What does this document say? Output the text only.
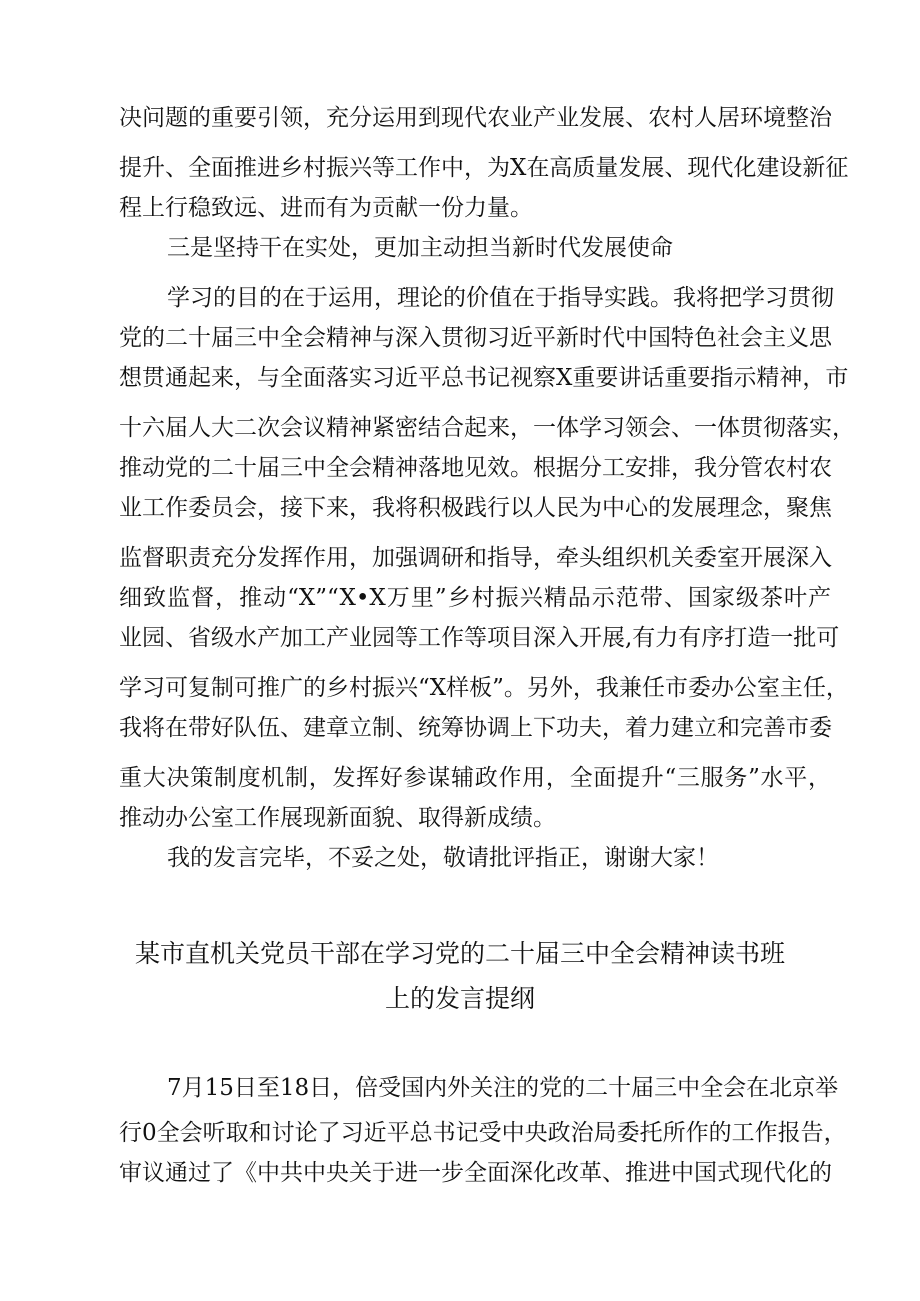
决问题的重要引领，充分运用到现代农业产业发展、农村人居环境整治
提升、全面推进乡村振兴等工作中，为X在高质量发展、现代化建设新征
程上行稳致远、进而有为贡献一份力量。
三是坚持干在实处，更加主动担当新时代发展使命
学习的目的在于运用，理论的价值在于指导实践。我将把学习贯彻
党的二十届三中全会精神与深入贯彻习近平新时代中国特色社会主义思
想贯通起来，与全面落实习近平总书记视察X重要讲话重要指示精神，市
十六届人大二次会议精神紧密结合起来，一体学习领会、一体贯彻落实，
推动党的二十届三中全会精神落地见效。根据分工安排，我分管农村农
业工作委员会，接下来，我将积极践行以人民为中心的发展理念，聚焦
监督职责充分发挥作用，加强调研和指导，牵头组织机关委室开展深入
细致监督，推动“X”“X•X万里”乡村振兴精品示范带、国家级茶叶产
业园、省级水产加工产业园等工作等项目深入开展,有力有序打造一批可
学习可复制可推广的乡村振兴“X样板”。另外，我兼任市委办公室主任，
我将在带好队伍、建章立制、统筹协调上下功夫，着力建立和完善市委
重大决策制度机制，发挥好参谋辅政作用，全面提升“三服务”水平，
推动办公室工作展现新面貌、取得新成绩。
我的发言完毕，不妥之处，敬请批评指正，谢谢大家！
某市直机关党员干部在学习党的二十届三中全会精神读书班
上的发言提纲
7月15日至18日，倍受国内外关注的党的二十届三中全会在北京举
行0全会听取和讨论了习近平总书记受中央政治局委托所作的工作报告，
审议通过了《中共中央关于进一步全面深化改革、推进中国式现代化的
